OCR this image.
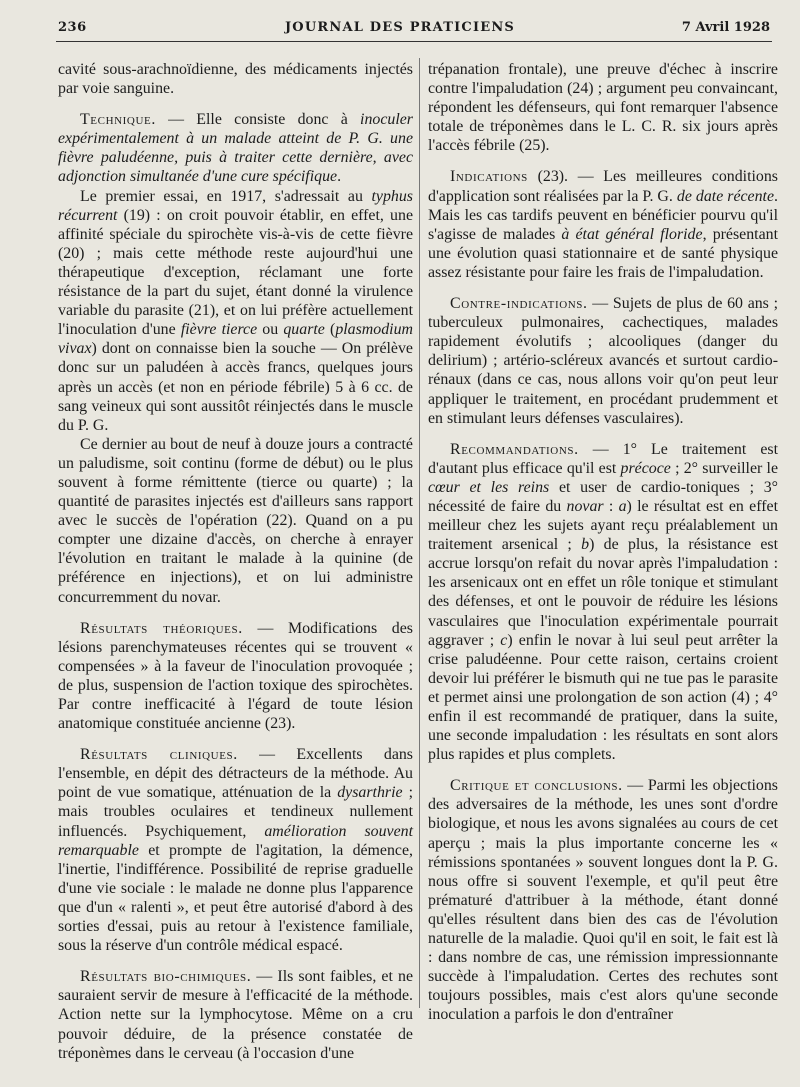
236	JOURNAL DES PRATICIENS	7 Avril 1928

cavité sous-arachnoïdienne, des médicaments injectés par voie sanguine.

Technique. — Elle consiste donc à inoculer expérimentalement à un malade atteint de P. G. une fièvre paludéenne, puis à traiter cette dernière, avec adjonction simultanée d'une cure spécifique.

Le premier essai, en 1917, s'adressait au typhus récurrent (19) : on croit pouvoir établir, en effet, une affinité spéciale du spirochète vis-à-vis de cette fièvre (20) ; mais cette méthode reste aujourd'hui une thérapeutique d'exception, réclamant une forte résistance de la part du sujet, étant donné la virulence variable du parasite (21), et on lui préfère actuellement l'inoculation d'une fièvre tierce ou quarte (plasmodium vivax) dont on connaisse bien la souche — On prélève donc sur un paludéen à accès francs, quelques jours après un accès (et non en période fébrile) 5 à 6 cc. de sang veineux qui sont aussitôt réinjectés dans le muscle du P. G.

Ce dernier au bout de neuf à douze jours a contracté un paludisme, soit continu (forme de début) ou le plus souvent à forme rémittente (tierce ou quarte) ; la quantité de parasites injectés est d'ailleurs sans rapport avec le succès de l'opération (22). Quand on a pu compter une dizaine d'accès, on cherche à enrayer l'évolution en traitant le malade à la quinine (de préférence en injections), et on lui administre concurremment du novar.

Résultats théoriques. — Modifications des lésions parenchymateuses récentes qui se trouvent « compensées » à la faveur de l'inoculation provoquée ; de plus, suspension de l'action toxique des spirochètes. Par contre inefficacité à l'égard de toute lésion anatomique constituée ancienne (23).

Résultats cliniques. — Excellents dans l'ensemble, en dépit des détracteurs de la méthode. Au point de vue somatique, atténuation de la dysarthrie ; mais troubles oculaires et tendineux nullement influencés. Psychiquement, amélioration souvent remarquable et prompte de l'agitation, la démence, l'inertie, l'indifférence. Possibilité de reprise graduelle d'une vie sociale : le malade ne donne plus l'apparence que d'un « ralenti », et peut être autorisé d'abord à des sorties d'essai, puis au retour à l'existence familiale, sous la réserve d'un contrôle médical espacé.

Résultats bio-chimiques. — Ils sont faibles, et ne sauraient servir de mesure à l'efficacité de la méthode. Action nette sur la lymphocytose. Même on a cru pouvoir déduire, de la présence constatée de tréponèmes dans le cerveau (à l'occasion d'une

trépanation frontale), une preuve d'échec à inscrire contre l'impaludation (24) ; argument peu convaincant, répondent les défenseurs, qui font remarquer l'absence totale de tréponèmes dans le L. C. R. six jours après l'accès fébrile (25).

Indications (23). — Les meilleures conditions d'application sont réalisées par la P. G. de date récente. Mais les cas tardifs peuvent en bénéficier pourvu qu'il s'agisse de malades à état général floride, présentant une évolution quasi stationnaire et de santé physique assez résistante pour faire les frais de l'impaludation.

Contre-indications. — Sujets de plus de 60 ans ; tuberculeux pulmonaires, cachectiques, malades rapidement évolutifs ; alcooliques (danger du delirium) ; artério-scléreux avancés et surtout cardio-rénaux (dans ce cas, nous allons voir qu'on peut leur appliquer le traitement, en procédant prudemment et en stimulant leurs défenses vasculaires).

Recommandations. — 1° Le traitement est d'autant plus efficace qu'il est précoce ; 2° surveiller le cœur et les reins et user de cardio-toniques ; 3° nécessité de faire du novar : a) le résultat est en effet meilleur chez les sujets ayant reçu préalablement un traitement arsenical ; b) de plus, la résistance est accrue lorsqu'on refait du novar après l'impaludation : les arsenicaux ont en effet un rôle tonique et stimulant des défenses, et ont le pouvoir de réduire les lésions vasculaires que l'inoculation expérimentale pourrait aggraver ; c) enfin le novar à lui seul peut arrêter la crise paludéenne. Pour cette raison, certains croient devoir lui préférer le bismuth qui ne tue pas le parasite et permet ainsi une prolongation de son action (4) ; 4° enfin il est recommandé de pratiquer, dans la suite, une seconde impaludation : les résultats en sont alors plus rapides et plus complets.

Critique et conclusions. — Parmi les objections des adversaires de la méthode, les unes sont d'ordre biologique, et nous les avons signalées au cours de cet aperçu ; mais la plus importante concerne les « rémissions spontanées » souvent longues dont la P. G. nous offre si souvent l'exemple, et qu'il peut être prématuré d'attribuer à la méthode, étant donné qu'elles résultent dans bien des cas de l'évolution naturelle de la maladie. Quoi qu'il en soit, le fait est là : dans nombre de cas, une rémission impressionnante succède à l'impaludation. Certes des rechutes sont toujours possibles, mais c'est alors qu'une seconde inoculation a parfois le don d'entraîner
